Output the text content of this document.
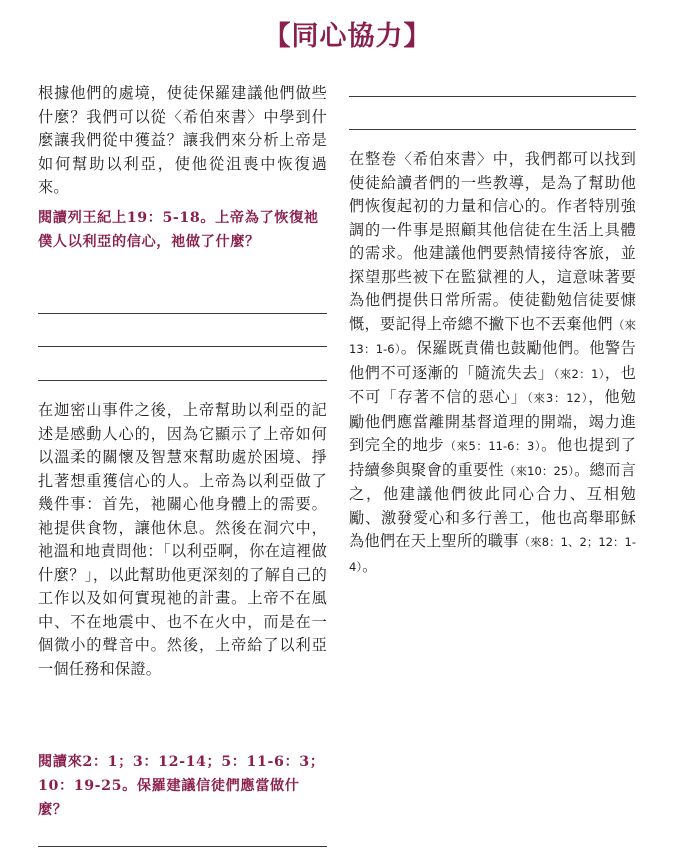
【同心協力】
根據他們的處境，使徒保羅建議他們做些什麼？我們可以從〈希伯來書〉中學到什麼讓我們從中獲益？讓我們來分析上帝是如何幫助以利亞，使他從沮喪中恢復過來。
閱讀列王紀上19：5-18。上帝為了恢復祂僕人以利亞的信心，祂做了什麼？
在迦密山事件之後，上帝幫助以利亞的記述是感動人心的，因為它顯示了上帝如何以溫柔的關懷及智慧來幫助處於困境、掙扎著想重獲信心的人。上帝為以利亞做了幾件事：首先，祂關心他身體上的需要。祂提供食物，讓他休息。然後在洞穴中，祂溫和地責問他：「以利亞啊，你在這裡做什麼？」，以此幫助他更深刻的了解自己的工作以及如何實現祂的計畫。上帝不在風中、不在地震中、也不在火中，而是在一個微小的聲音中。然後，上帝給了以利亞一個任務和保證。
閱讀來2：1；3：12-14；5：11-6：3；10：19-25。保羅建議信徒們應當做什麼？
在整卷〈希伯來書〉中，我們都可以找到使徒給讀者們的一些教導，是為了幫助他們恢復起初的力量和信心的。作者特別強調的一件事是照顧其他信徒在生活上具體的需求。他建議他們要熱情接待客旅，並探望那些被下在監獄裡的人，這意味著要為他們提供日常所需。使徒勸勉信徒要慷慨，要記得上帝總不撇下也不丟棄他們（來13：1-6）。保羅既責備也鼓勵他們。他警告他們不可逐漸的「隨流失去」（來2：1），也不可「存著不信的惡心」（來3：12），他勉勵他們應當離開基督道理的開端，竭力進到完全的地步（來5：11-6：3）。他也提到了持續參與聚會的重要性（來10：25）。總而言之，他建議他們彼此同心合力、互相勉勵、激發愛心和多行善工，他也高舉耶穌為他們在天上聖所的職事（來8：1、2；12：1-4）。
